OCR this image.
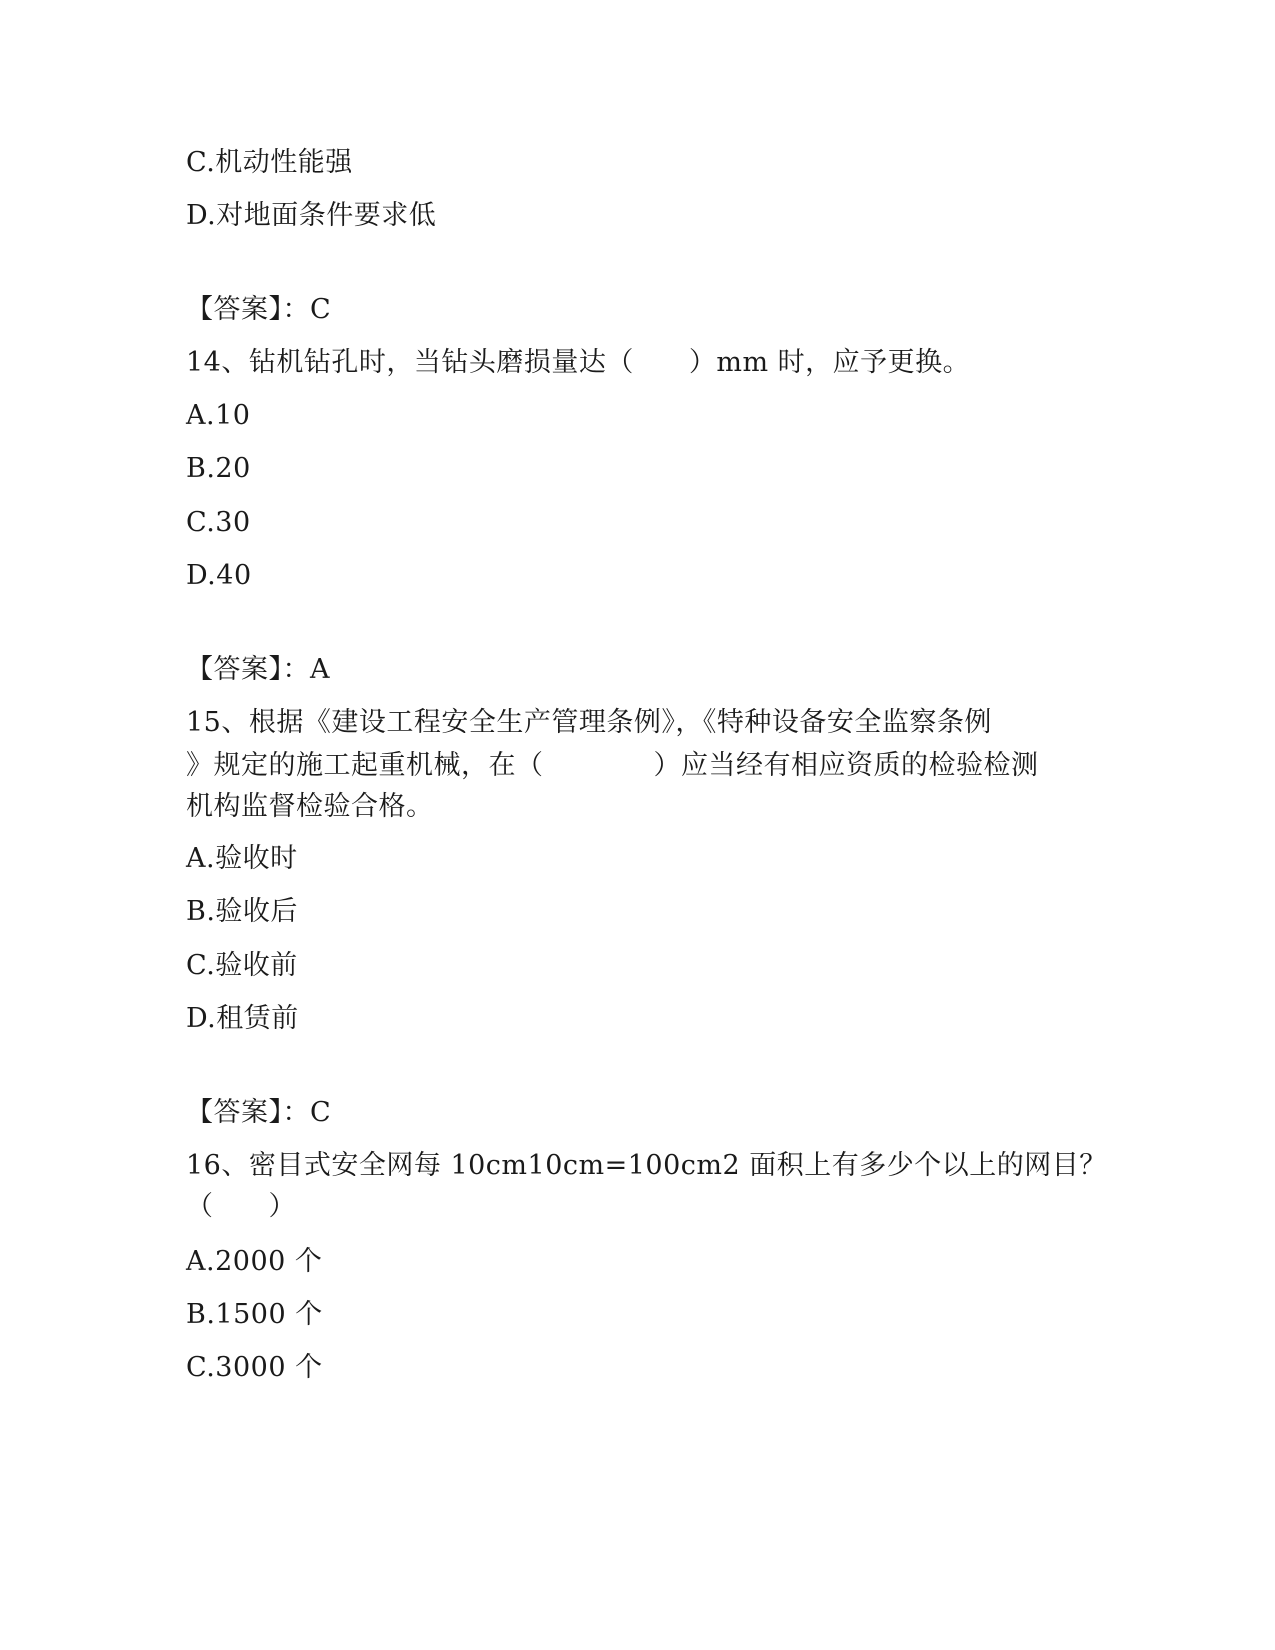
C.机动性能强
D.对地面条件要求低
【答案】：C
14、钻机钻孔时，当钻头磨损量达（　　）mm 时，应予更换。
A.10
B.20
C.30
D.40
【答案】：A
15、根据《建设工程安全生产管理条例》，《特种设备安全监察条例
》规定的施工起重机械，在（　　　　）应当经有相应资质的检验检测
机构监督检验合格。
A.验收时
B.验收后
C.验收前
D.租赁前
【答案】：C
16、密目式安全网每 10cm10cm=100cm2 面积上有多少个以上的网目？
（　　）
A.2000 个
B.1500 个
C.3000 个
